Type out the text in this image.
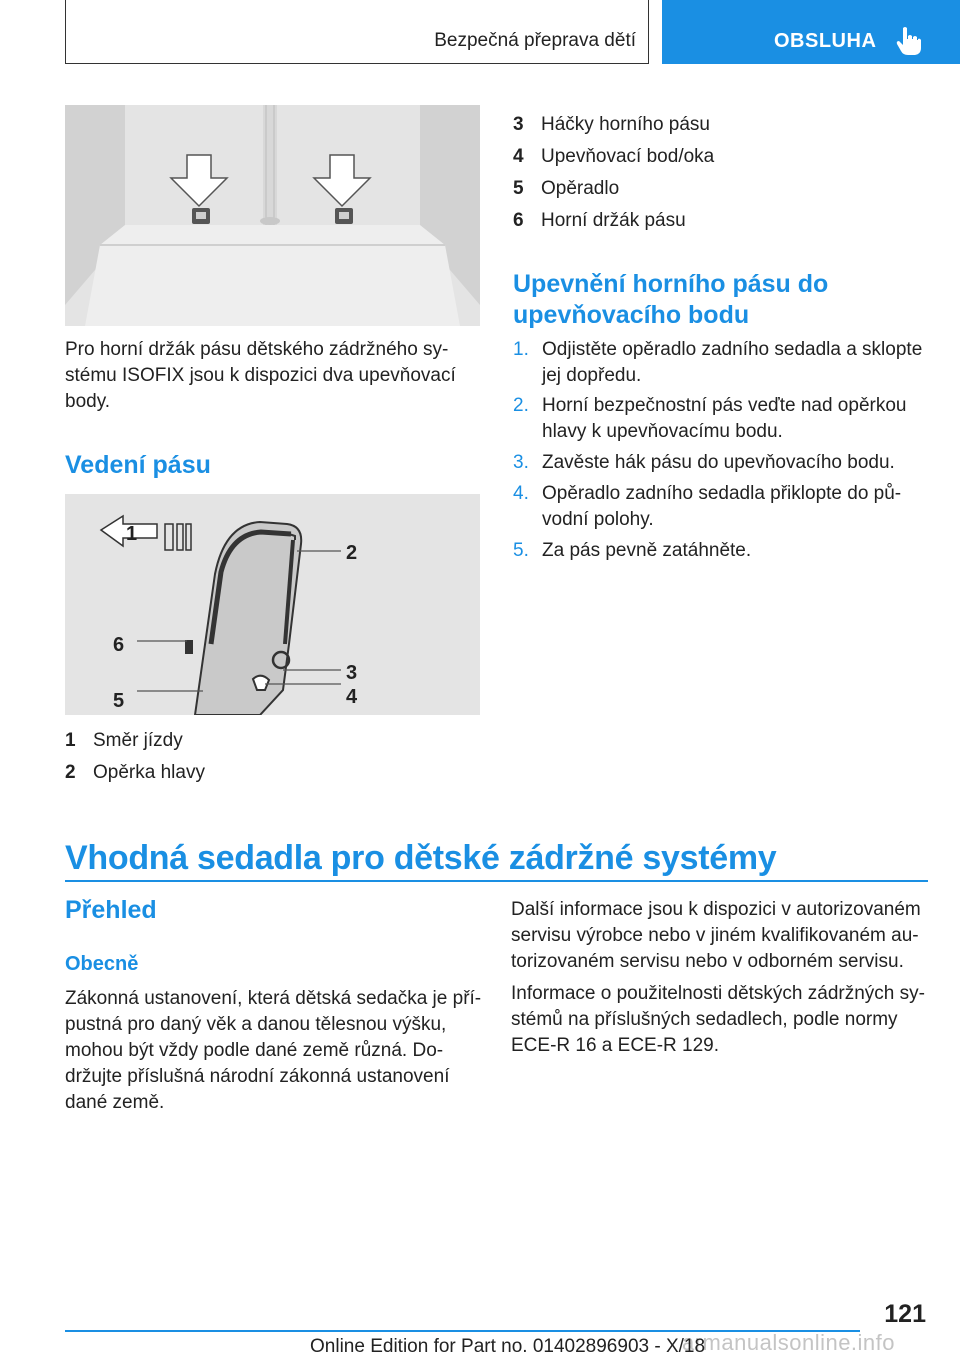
Bezpečná přeprava dětí	OBSLUHA
Pro horní držák pásu dětského zádržného sy-
stému ISOFIX jsou k dispozici dva upevňovací
body.
Vedení pásu
1
2
3
4
5
6
1 Směr jízdy
2 Opěrka hlavy
3 Háčky horního pásu
4 Upevňovací bod/oka
5 Opěradlo
6 Horní držák pásu
Upevnění horního pásu do
upevňovacího bodu
1. Odjistěte opěradlo zadního sedadla a sklopte
jej dopředu.
2. Horní bezpečnostní pás veďte nad opěrkou
hlavy k upevňovacímu bodu.
3. Zavěste hák pásu do upevňovacího bodu.
4. Opěradlo zadního sedadla přiklopte do pů-
vodní polohy.
5. Za pás pevně zatáhněte.
Vhodná sedadla pro dětské zádržné systémy
Přehled
Obecně
Zákonná ustanovení, která dětská sedačka je pří-
pustná pro daný věk a danou tělesnou výšku,
mohou být vždy podle dané země různá. Do-
držujte příslušná národní zákonná ustanovení
dané země.
Další informace jsou k dispozici v autorizovaném
servisu výrobce nebo v jiném kvalifikovaném au-
torizovaném servisu nebo v odborném servisu.
Informace o použitelnosti dětských zádržných sy-
stémů na příslušných sedadlech, podle normy
ECE-R 16 a ECE-R 129.
121
armanualsonline.info
Online Edition for Part no. 01402896903 - X/18
